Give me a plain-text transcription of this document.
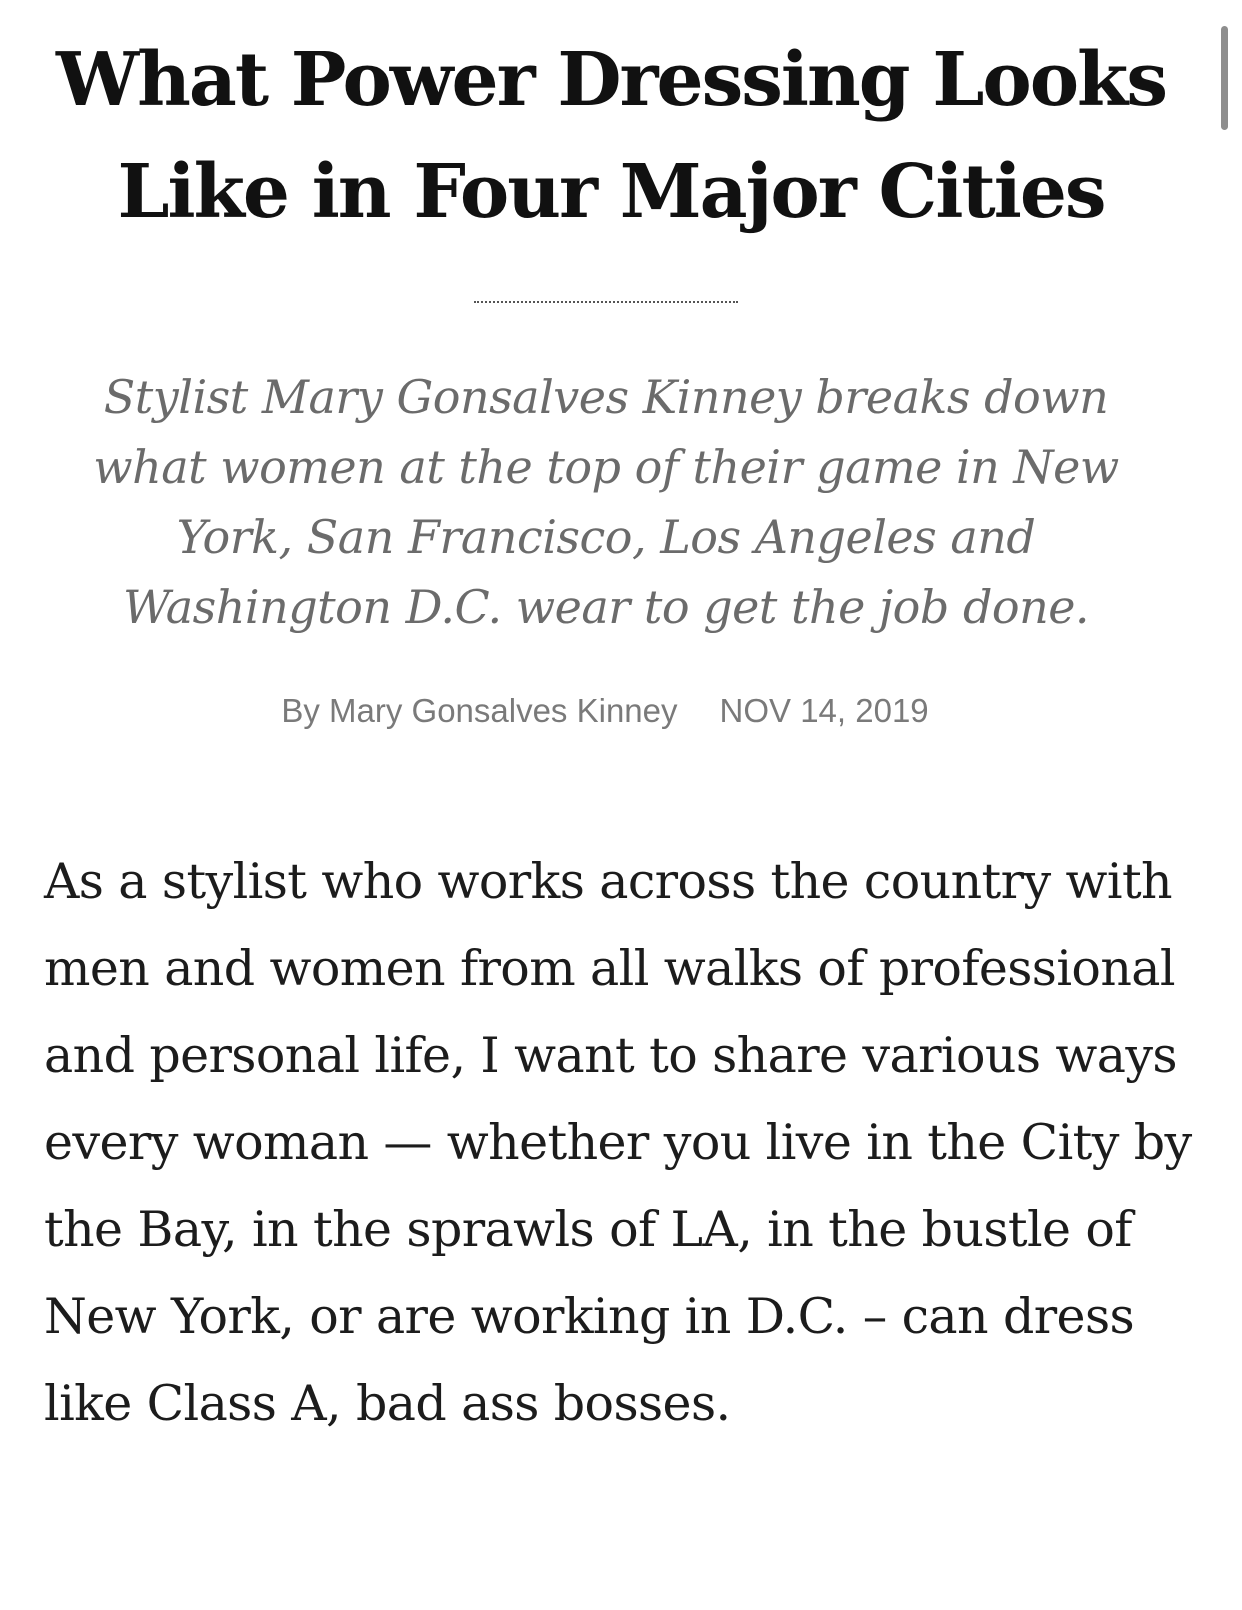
What Power Dressing Looks Like in Four Major Cities

Stylist Mary Gonsalves Kinney breaks down what women at the top of their game in New York, San Francisco, Los Angeles and Washington D.C. wear to get the job done.

By Mary Gonsalves Kinney NOV 14, 2019

As a stylist who works across the country with men and women from all walks of professional and personal life, I want to share various ways every woman — whether you live in the City by the Bay, in the sprawls of LA, in the bustle of New York, or are working in D.C. – can dress like Class A, bad ass bosses.
